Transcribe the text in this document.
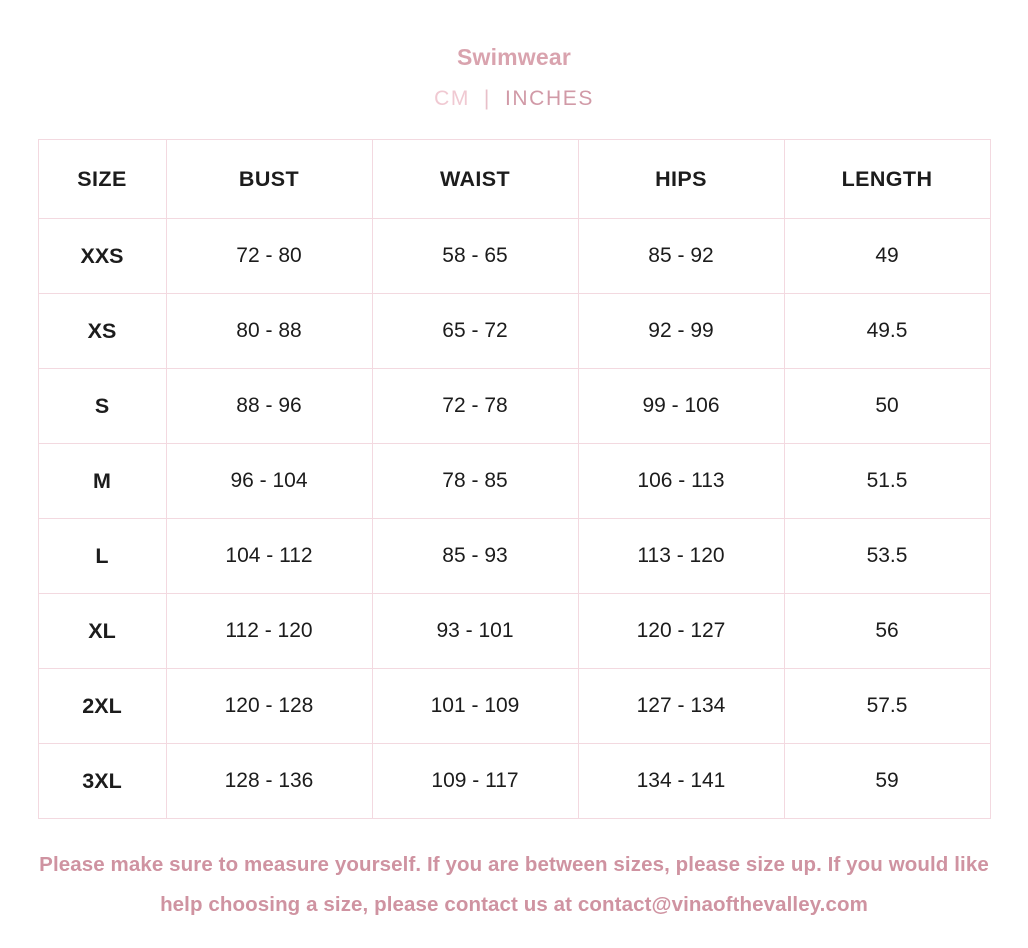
Swimwear
CM | INCHES
SIZE	BUST	WAIST	HIPS	LENGTH
XXS	72 - 80	58 - 65	85 - 92	49
XS	80 - 88	65 - 72	92 - 99	49.5
S	88 - 96	72 - 78	99 - 106	50
M	96 - 104	78 - 85	106 - 113	51.5
L	104 - 112	85 - 93	113 - 120	53.5
XL	112 - 120	93 - 101	120 - 127	56
2XL	120 - 128	101 - 109	127 - 134	57.5
3XL	128 - 136	109 - 117	134 - 141	59
Please make sure to measure yourself. If you are between sizes, please size up. If you would like help choosing a size, please contact us at contact@vinaofthevalley.com
